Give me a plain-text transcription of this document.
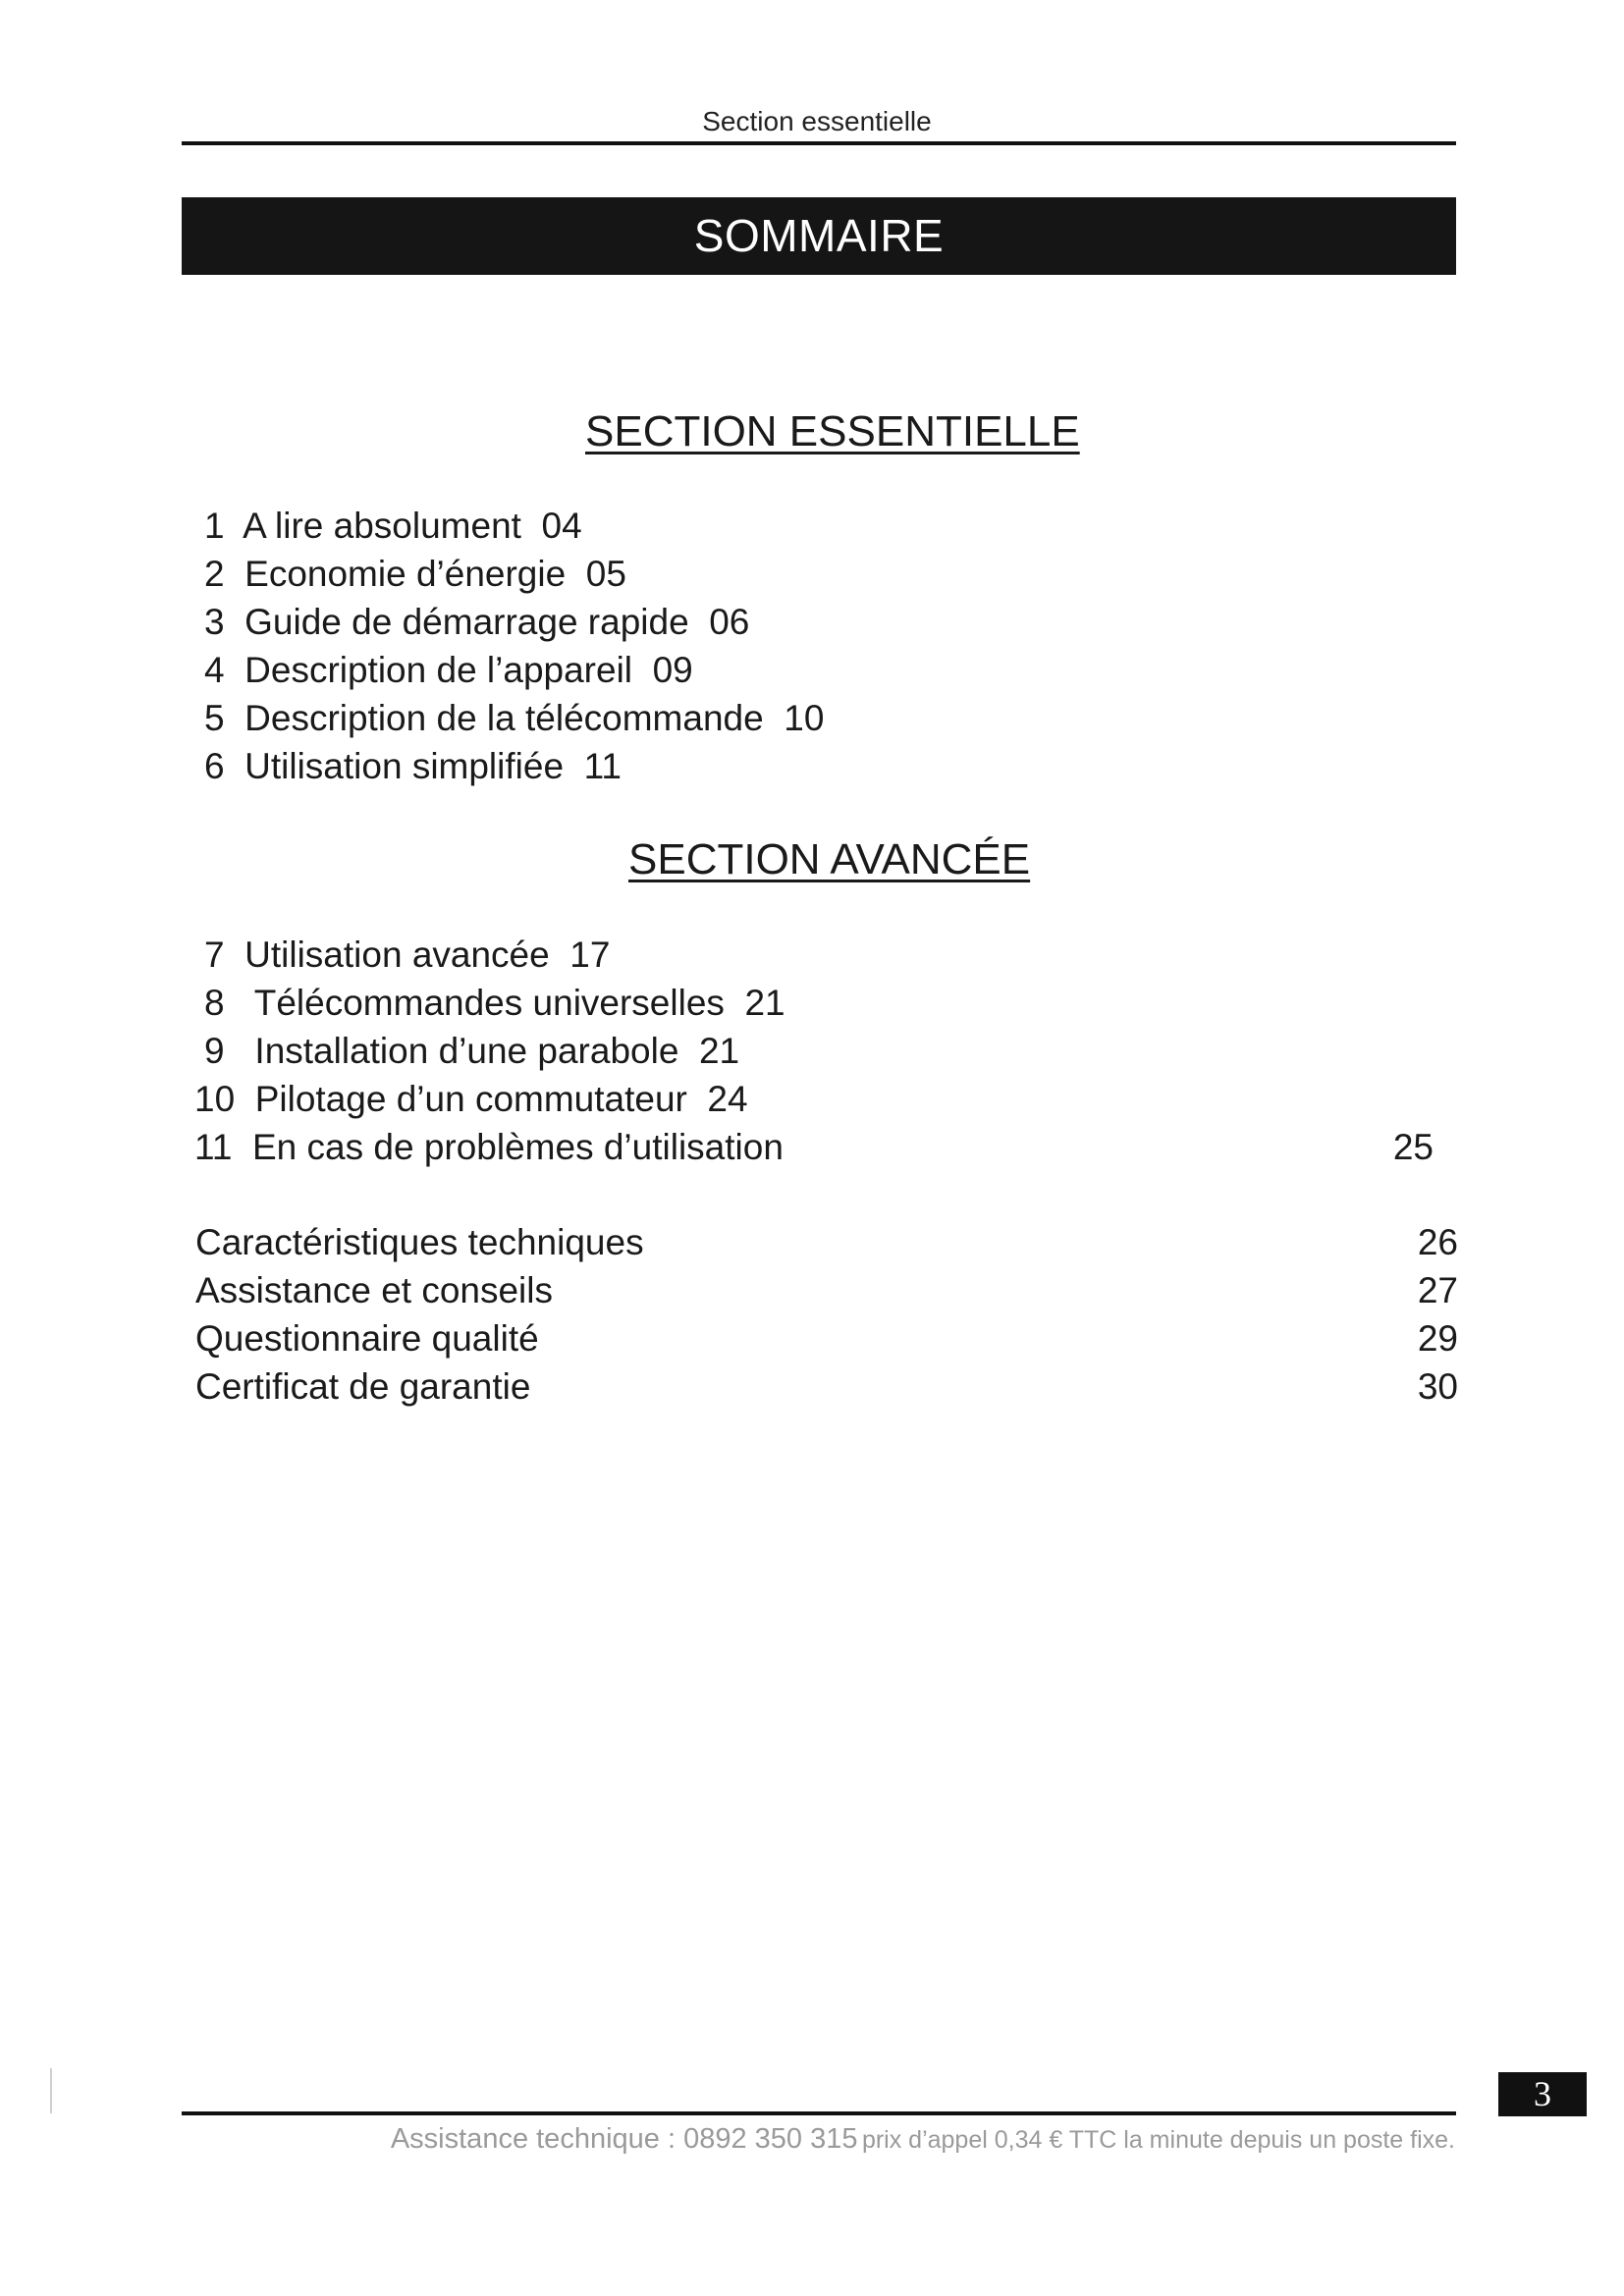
Section essentielle
SOMMAIRE
SECTION ESSENTIELLE
1 A lire absolument 04
2 Economie d’énergie 05
3 Guide de démarrage rapide 06
4 Description de l’appareil 09
5 Description de la télécommande 10
6 Utilisation simplifiée 11
SECTION AVANCÉE
7 Utilisation avancée 17
8 Télécommandes universelles 21
9 Installation d’une parabole 21
10 Pilotage d’un commutateur 24
11 En cas de problèmes d’utilisation	25
Caractéristiques techniques	26
Assistance et conseils	27
Questionnaire qualité	29
Certificat de garantie	30
3
Assistance technique : 0892 350 315 prix d’appel 0,34 € TTC la minute depuis un poste fixe.
